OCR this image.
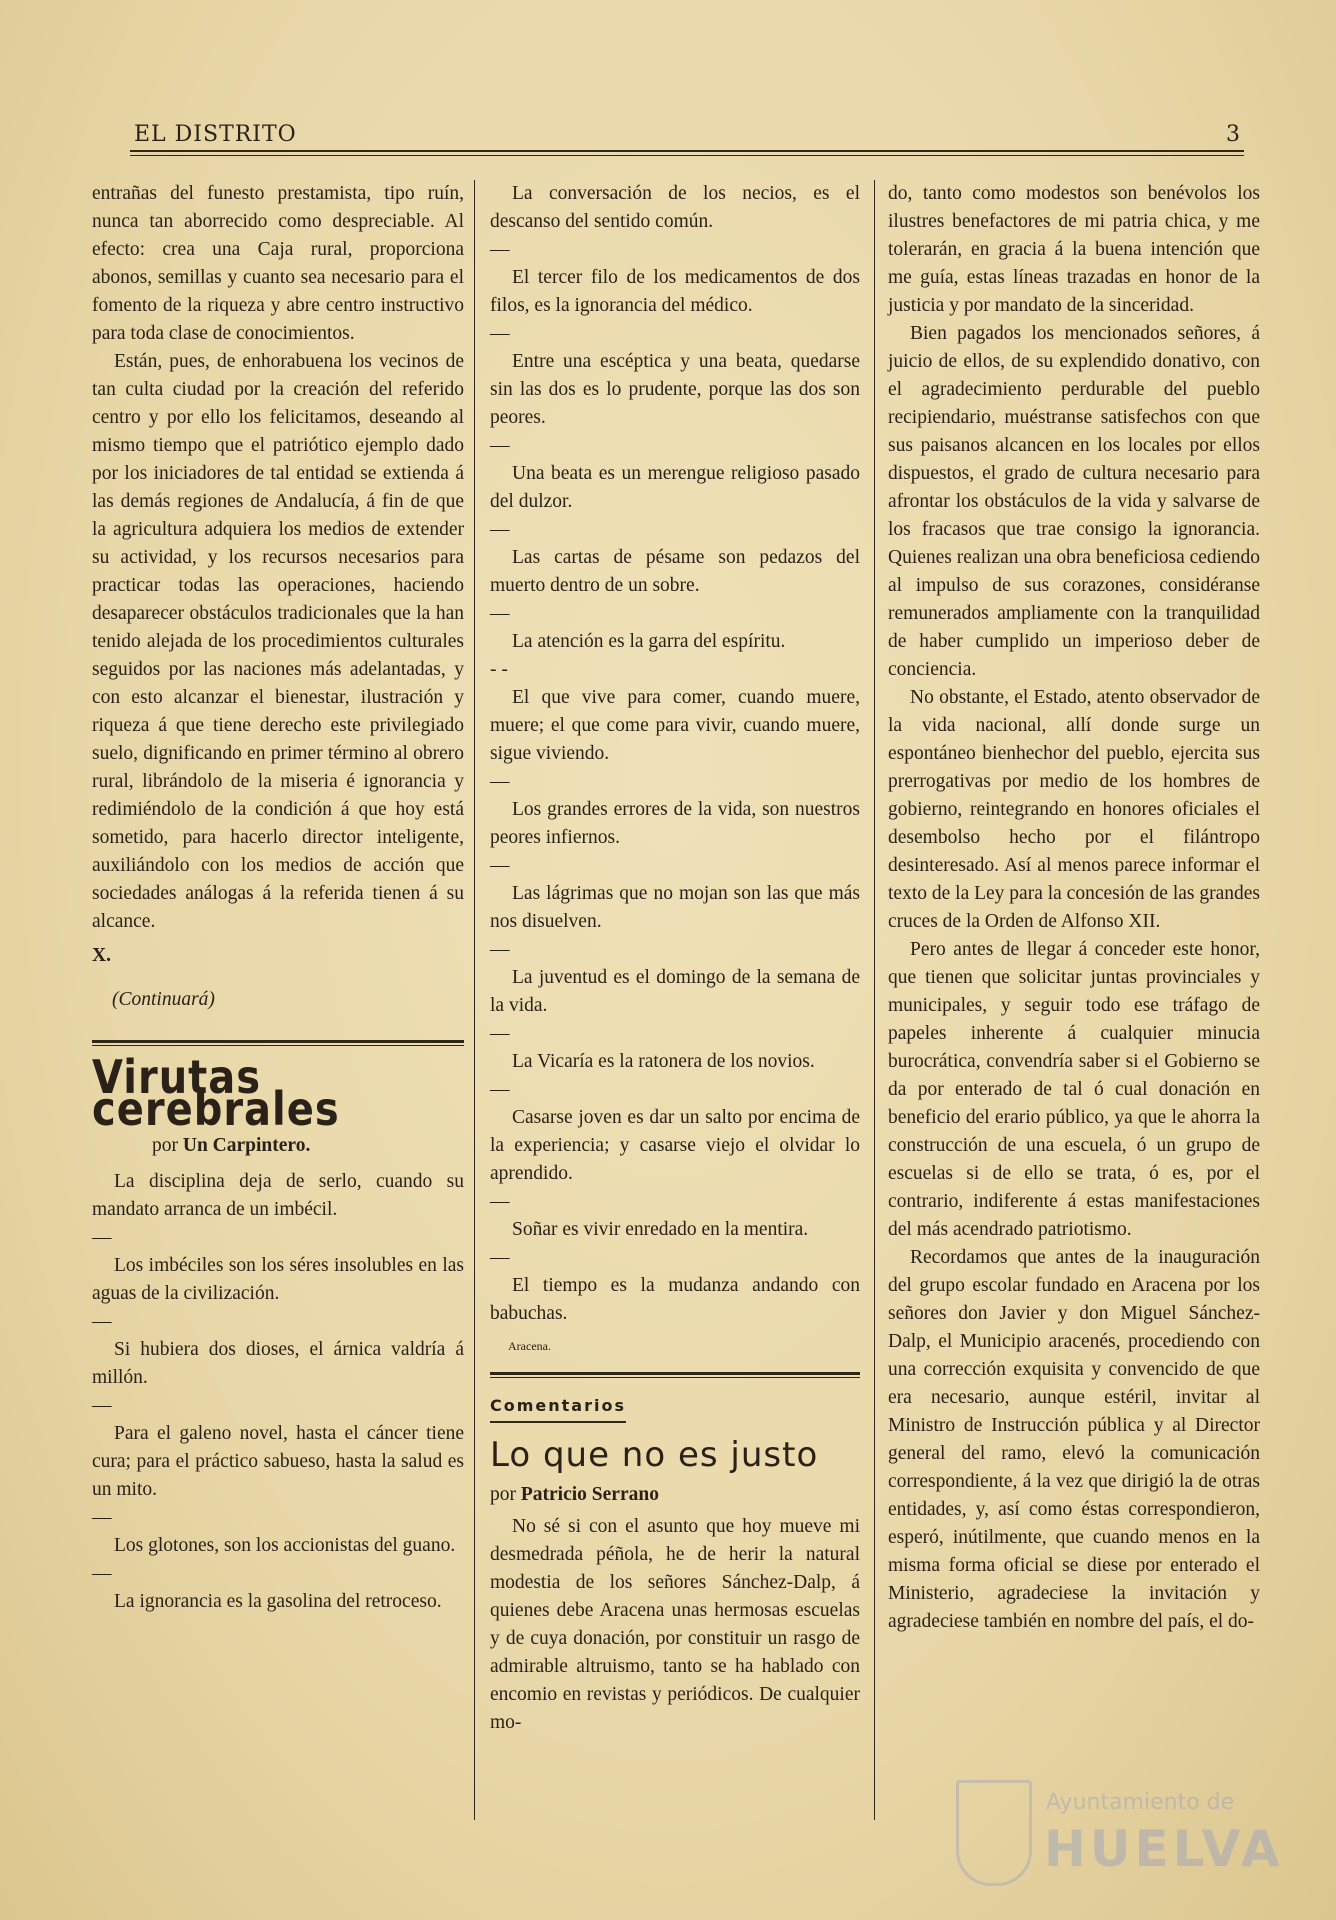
EL DISTRITO	3

entrañas del funesto prestamista, tipo ruín, nunca tan aborrecido como despreciable. Al efecto: crea una Caja rural, proporciona abonos, semillas y cuanto sea necesario para el fomento de la riqueza y abre centro instructivo para toda clase de conocimientos.

Están, pues, de enhorabuena los vecinos de tan culta ciudad por la creación del referido centro y por ello los felicitamos, deseando al mismo tiempo que el patriótico ejemplo dado por los iniciadores de tal entidad se extienda á las demás regiones de Andalucía, á fin de que la agricultura adquiera los medios de extender su actividad, y los recursos necesarios para practicar todas las operaciones, haciendo desaparecer obstáculos tradicionales que la han tenido alejada de los procedimientos culturales seguidos por las naciones más adelantadas, y con esto alcanzar el bienestar, ilustración y riqueza á que tiene derecho este privilegiado suelo, dignificando en primer término al obrero rural, librándolo de la miseria é ignorancia y redimiéndolo de la condición á que hoy está sometido, para hacerlo director inteligente, auxiliándolo con los medios de acción que sociedades análogas á la referida tienen á su alcance.

X.

(Continuará)

Virutas cerebrales

por Un Carpintero.

La disciplina deja de serlo, cuando su mandato arranca de un imbécil.

—

Los imbéciles son los séres insolubles en las aguas de la civilización.

—

Si hubiera dos dioses, el árnica valdría á millón.

—

Para el galeno novel, hasta el cáncer tiene cura; para el práctico sabueso, hasta la salud es un mito.

—

Los glotones, son los accionistas del guano.

—

La ignorancia es la gasolina del retroceso.

La conversación de los necios, es el descanso del sentido común.

—

El tercer filo de los medicamentos de dos filos, es la ignorancia del médico.

—

Entre una escéptica y una beata, quedarse sin las dos es lo prudente, porque las dos son peores.

—

Una beata es un merengue religioso pasado del dulzor.

—

Las cartas de pésame son pedazos del muerto dentro de un sobre.

—

La atención es la garra del espíritu.

- -

El que vive para comer, cuando muere, muere; el que come para vivir, cuando muere, sigue viviendo.

—

Los grandes errores de la vida, son nuestros peores infiernos.

—

Las lágrimas que no mojan son las que más nos disuelven.

—

La juventud es el domingo de la semana de la vida.

—

La Vicaría es la ratonera de los novios.

—

Casarse joven es dar un salto por encima de la experiencia; y casarse viejo el olvidar lo aprendido.

—

Soñar es vivir enredado en la mentira.

—

El tiempo es la mudanza andando con babuchas.

Aracena.

Comentarios

Lo que no es justo

por Patricio Serrano

No sé si con el asunto que hoy mueve mi desmedrada péñola, he de herir la natural modestia de los señores Sánchez-Dalp, á quienes debe Aracena unas hermosas escuelas y de cuya donación, por constituir un rasgo de admirable altruismo, tanto se ha hablado con encomio en revistas y periódicos. De cualquier mo-

do, tanto como modestos son benévolos los ilustres benefactores de mi patria chica, y me tolerarán, en gracia á la buena intención que me guía, estas líneas trazadas en honor de la justicia y por mandato de la sinceridad.

Bien pagados los mencionados señores, á juicio de ellos, de su explendido donativo, con el agradecimiento perdurable del pueblo recipiendario, muéstranse satisfechos con que sus paisanos alcancen en los locales por ellos dispuestos, el grado de cultura necesario para afrontar los obstáculos de la vida y salvarse de los fracasos que trae consigo la ignorancia. Quienes realizan una obra beneficiosa cediendo al impulso de sus corazones, considéranse remunerados ampliamente con la tranquilidad de haber cumplido un imperioso deber de conciencia.

No obstante, el Estado, atento observador de la vida nacional, allí donde surge un espontáneo bienhechor del pueblo, ejercita sus prerrogativas por medio de los hombres de gobierno, reintegrando en honores oficiales el desembolso hecho por el filántropo desinteresado. Así al menos parece informar el texto de la Ley para la concesión de las grandes cruces de la Orden de Alfonso XII.

Pero antes de llegar á conceder este honor, que tienen que solicitar juntas provinciales y municipales, y seguir todo ese tráfago de papeles inherente á cualquier minucia burocrática, convendría saber si el Gobierno se da por enterado de tal ó cual donación en beneficio del erario público, ya que le ahorra la construcción de una escuela, ó un grupo de escuelas si de ello se trata, ó es, por el contrario, indiferente á estas manifestaciones del más acendrado patriotismo.

Recordamos que antes de la inauguración del grupo escolar fundado en Aracena por los señores don Javier y don Miguel Sánchez-Dalp, el Municipio aracenés, procediendo con una corrección exquisita y convencido de que era necesario, aunque estéril, invitar al Ministro de Instrucción pública y al Director general del ramo, elevó la comunicación correspondiente, á la vez que dirigió la de otras entidades, y, así como éstas correspondieron, esperó, inútilmente, que cuando menos en la misma forma oficial se diese por enterado el Ministerio, agradeciese la invitación y agradeciese también en nombre del país, el do-

Ayuntamiento de
HUELVA
